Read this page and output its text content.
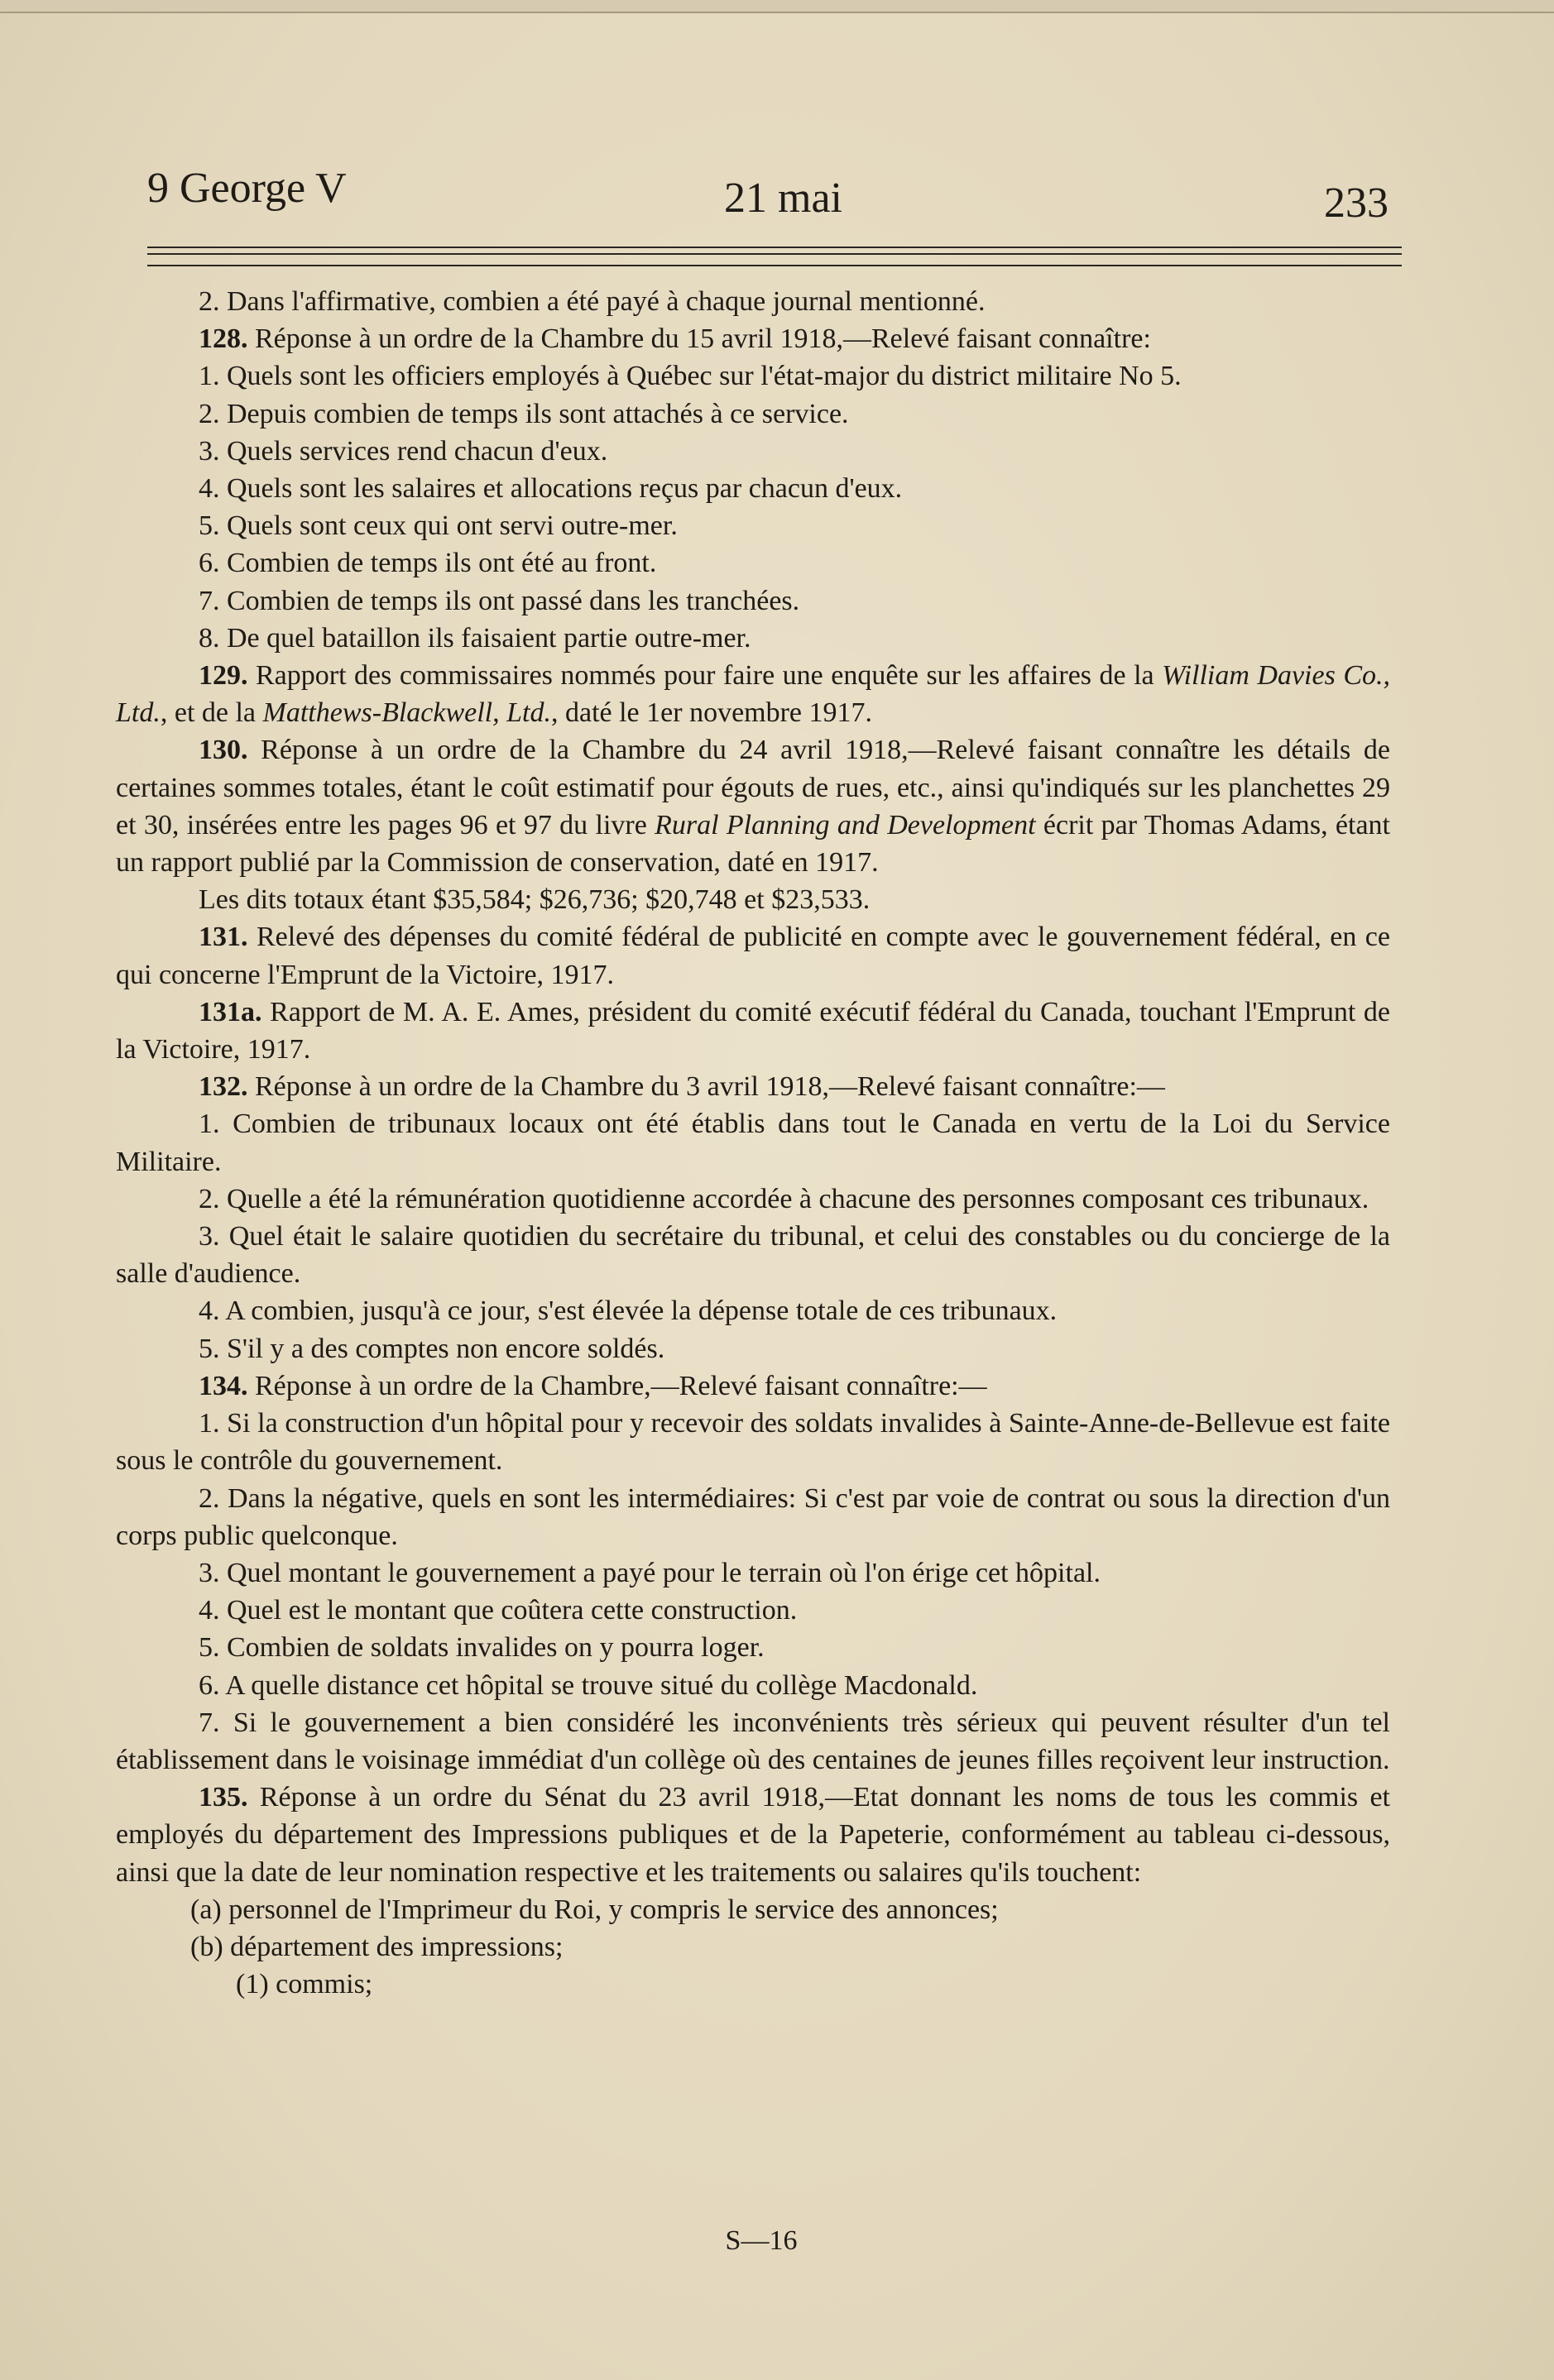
9 George V	21 mai	233

2. Dans l'affirmative, combien a été payé à chaque journal mentionné.

128. Réponse à un ordre de la Chambre du 15 avril 1918,—Relevé faisant connaître:

1. Quels sont les officiers employés à Québec sur l'état-major du district militaire No 5.

2. Depuis combien de temps ils sont attachés à ce service.

3. Quels services rend chacun d'eux.

4. Quels sont les salaires et allocations reçus par chacun d'eux.

5. Quels sont ceux qui ont servi outre-mer.

6. Combien de temps ils ont été au front.

7. Combien de temps ils ont passé dans les tranchées.

8. De quel bataillon ils faisaient partie outre-mer.

129. Rapport des commissaires nommés pour faire une enquête sur les affaires de la William Davies Co., Ltd., et de la Matthews-Blackwell, Ltd., daté le 1er novembre 1917.

130. Réponse à un ordre de la Chambre du 24 avril 1918,—Relevé faisant connaître les détails de certaines sommes totales, étant le coût estimatif pour égouts de rues, etc., ainsi qu'indiqués sur les planchettes 29 et 30, insérées entre les pages 96 et 97 du livre Rural Planning and Development écrit par Thomas Adams, étant un rapport publié par la Commission de conservation, daté en 1917.

Les dits totaux étant $35,584; $26,736; $20,748 et $23,533.

131. Relevé des dépenses du comité fédéral de publicité en compte avec le gouvernement fédéral, en ce qui concerne l'Emprunt de la Victoire, 1917.

131a. Rapport de M. A. E. Ames, président du comité exécutif fédéral du Canada, touchant l'Emprunt de la Victoire, 1917.

132. Réponse à un ordre de la Chambre du 3 avril 1918,—Relevé faisant connaître:—

1. Combien de tribunaux locaux ont été établis dans tout le Canada en vertu de la Loi du Service Militaire.

2. Quelle a été la rémunération quotidienne accordée à chacune des personnes composant ces tribunaux.

3. Quel était le salaire quotidien du secrétaire du tribunal, et celui des constables ou du concierge de la salle d'audience.

4. A combien, jusqu'à ce jour, s'est élevée la dépense totale de ces tribunaux.

5. S'il y a des comptes non encore soldés.

134. Réponse à un ordre de la Chambre,—Relevé faisant connaître:—

1. Si la construction d'un hôpital pour y recevoir des soldats invalides à Sainte-Anne-de-Bellevue est faite sous le contrôle du gouvernement.

2. Dans la négative, quels en sont les intermédiaires: Si c'est par voie de contrat ou sous la direction d'un corps public quelconque.

3. Quel montant le gouvernement a payé pour le terrain où l'on érige cet hôpital.

4. Quel est le montant que coûtera cette construction.

5. Combien de soldats invalides on y pourra loger.

6. A quelle distance cet hôpital se trouve situé du collège Macdonald.

7. Si le gouvernement a bien considéré les inconvénients très sérieux qui peuvent résulter d'un tel établissement dans le voisinage immédiat d'un collège où des centaines de jeunes filles reçoivent leur instruction.

135. Réponse à un ordre du Sénat du 23 avril 1918,—Etat donnant les noms de tous les commis et employés du département des Impressions publiques et de la Papeterie, conformément au tableau ci-dessous, ainsi que la date de leur nomination respective et les traitements ou salaires qu'ils touchent:

(a) personnel de l'Imprimeur du Roi, y compris le service des annonces;

(b) département des impressions;

(1) commis;

S—16
